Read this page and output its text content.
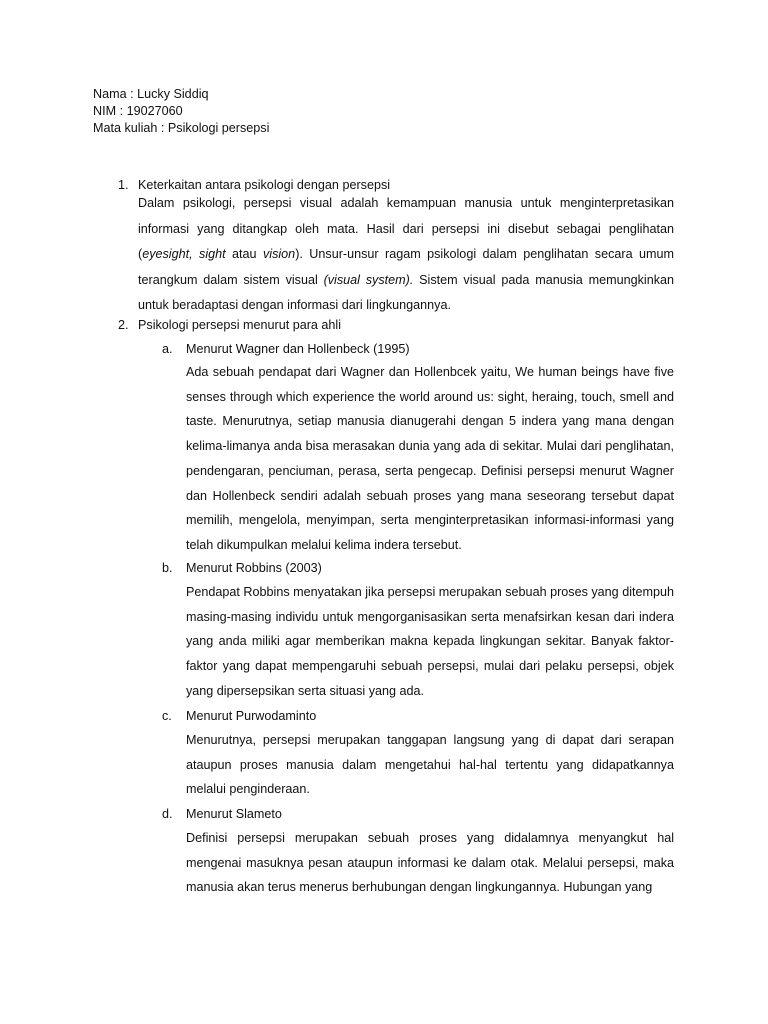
Nama : Lucky Siddiq
NIM : 19027060
Mata kuliah : Psikologi persepsi
1. Keterkaitan antara psikologi dengan persepsi

Dalam psikologi, persepsi visual adalah kemampuan manusia untuk menginterpretasikan informasi yang ditangkap oleh mata. Hasil dari persepsi ini disebut sebagai penglihatan (eyesight, sight atau vision). Unsur-unsur ragam psikologi dalam penglihatan secara umum terangkum dalam sistem visual (visual system). Sistem visual pada manusia memungkinkan untuk beradaptasi dengan informasi dari lingkungannya.

2. Psikologi persepsi menurut para ahli
a. Menurut Wagner dan Hollenbeck (1995)

Ada sebuah pendapat dari Wagner dan Hollenbcek yaitu, We human beings have five senses through which experience the world around us: sight, heraing, touch, smell and taste. Menurutnya, setiap manusia dianugerahi dengan 5 indera yang mana dengan kelima-limanya anda bisa merasakan dunia yang ada di sekitar. Mulai dari penglihatan, pendengaran, penciuman, perasa, serta pengecap. Definisi persepsi menurut Wagner dan Hollenbeck sendiri adalah sebuah proses yang mana seseorang tersebut dapat memilih, mengelola, menyimpan, serta menginterpretasikan informasi-informasi yang telah dikumpulkan melalui kelima indera tersebut.

b. Menurut Robbins (2003)

Pendapat Robbins menyatakan jika persepsi merupakan sebuah proses yang ditempuh masing-masing individu untuk mengorganisasikan serta menafsirkan kesan dari indera yang anda miliki agar memberikan makna kepada lingkungan sekitar. Banyak faktor-faktor yang dapat mempengaruhi sebuah persepsi, mulai dari pelaku persepsi, objek yang dipersepsikan serta situasi yang ada.

c. Menurut Purwodaminto

Menurutnya, persepsi merupakan tanggapan langsung yang di dapat dari serapan ataupun proses manusia dalam mengetahui hal-hal tertentu yang didapatkannya melalui penginderaan.

d. Menurut Slameto

Definisi persepsi merupakan sebuah proses yang didalamnya menyangkut hal mengenai masuknya pesan ataupun informasi ke dalam otak. Melalui persepsi, maka manusia akan terus menerus berhubungan dengan lingkungannya. Hubungan yang
